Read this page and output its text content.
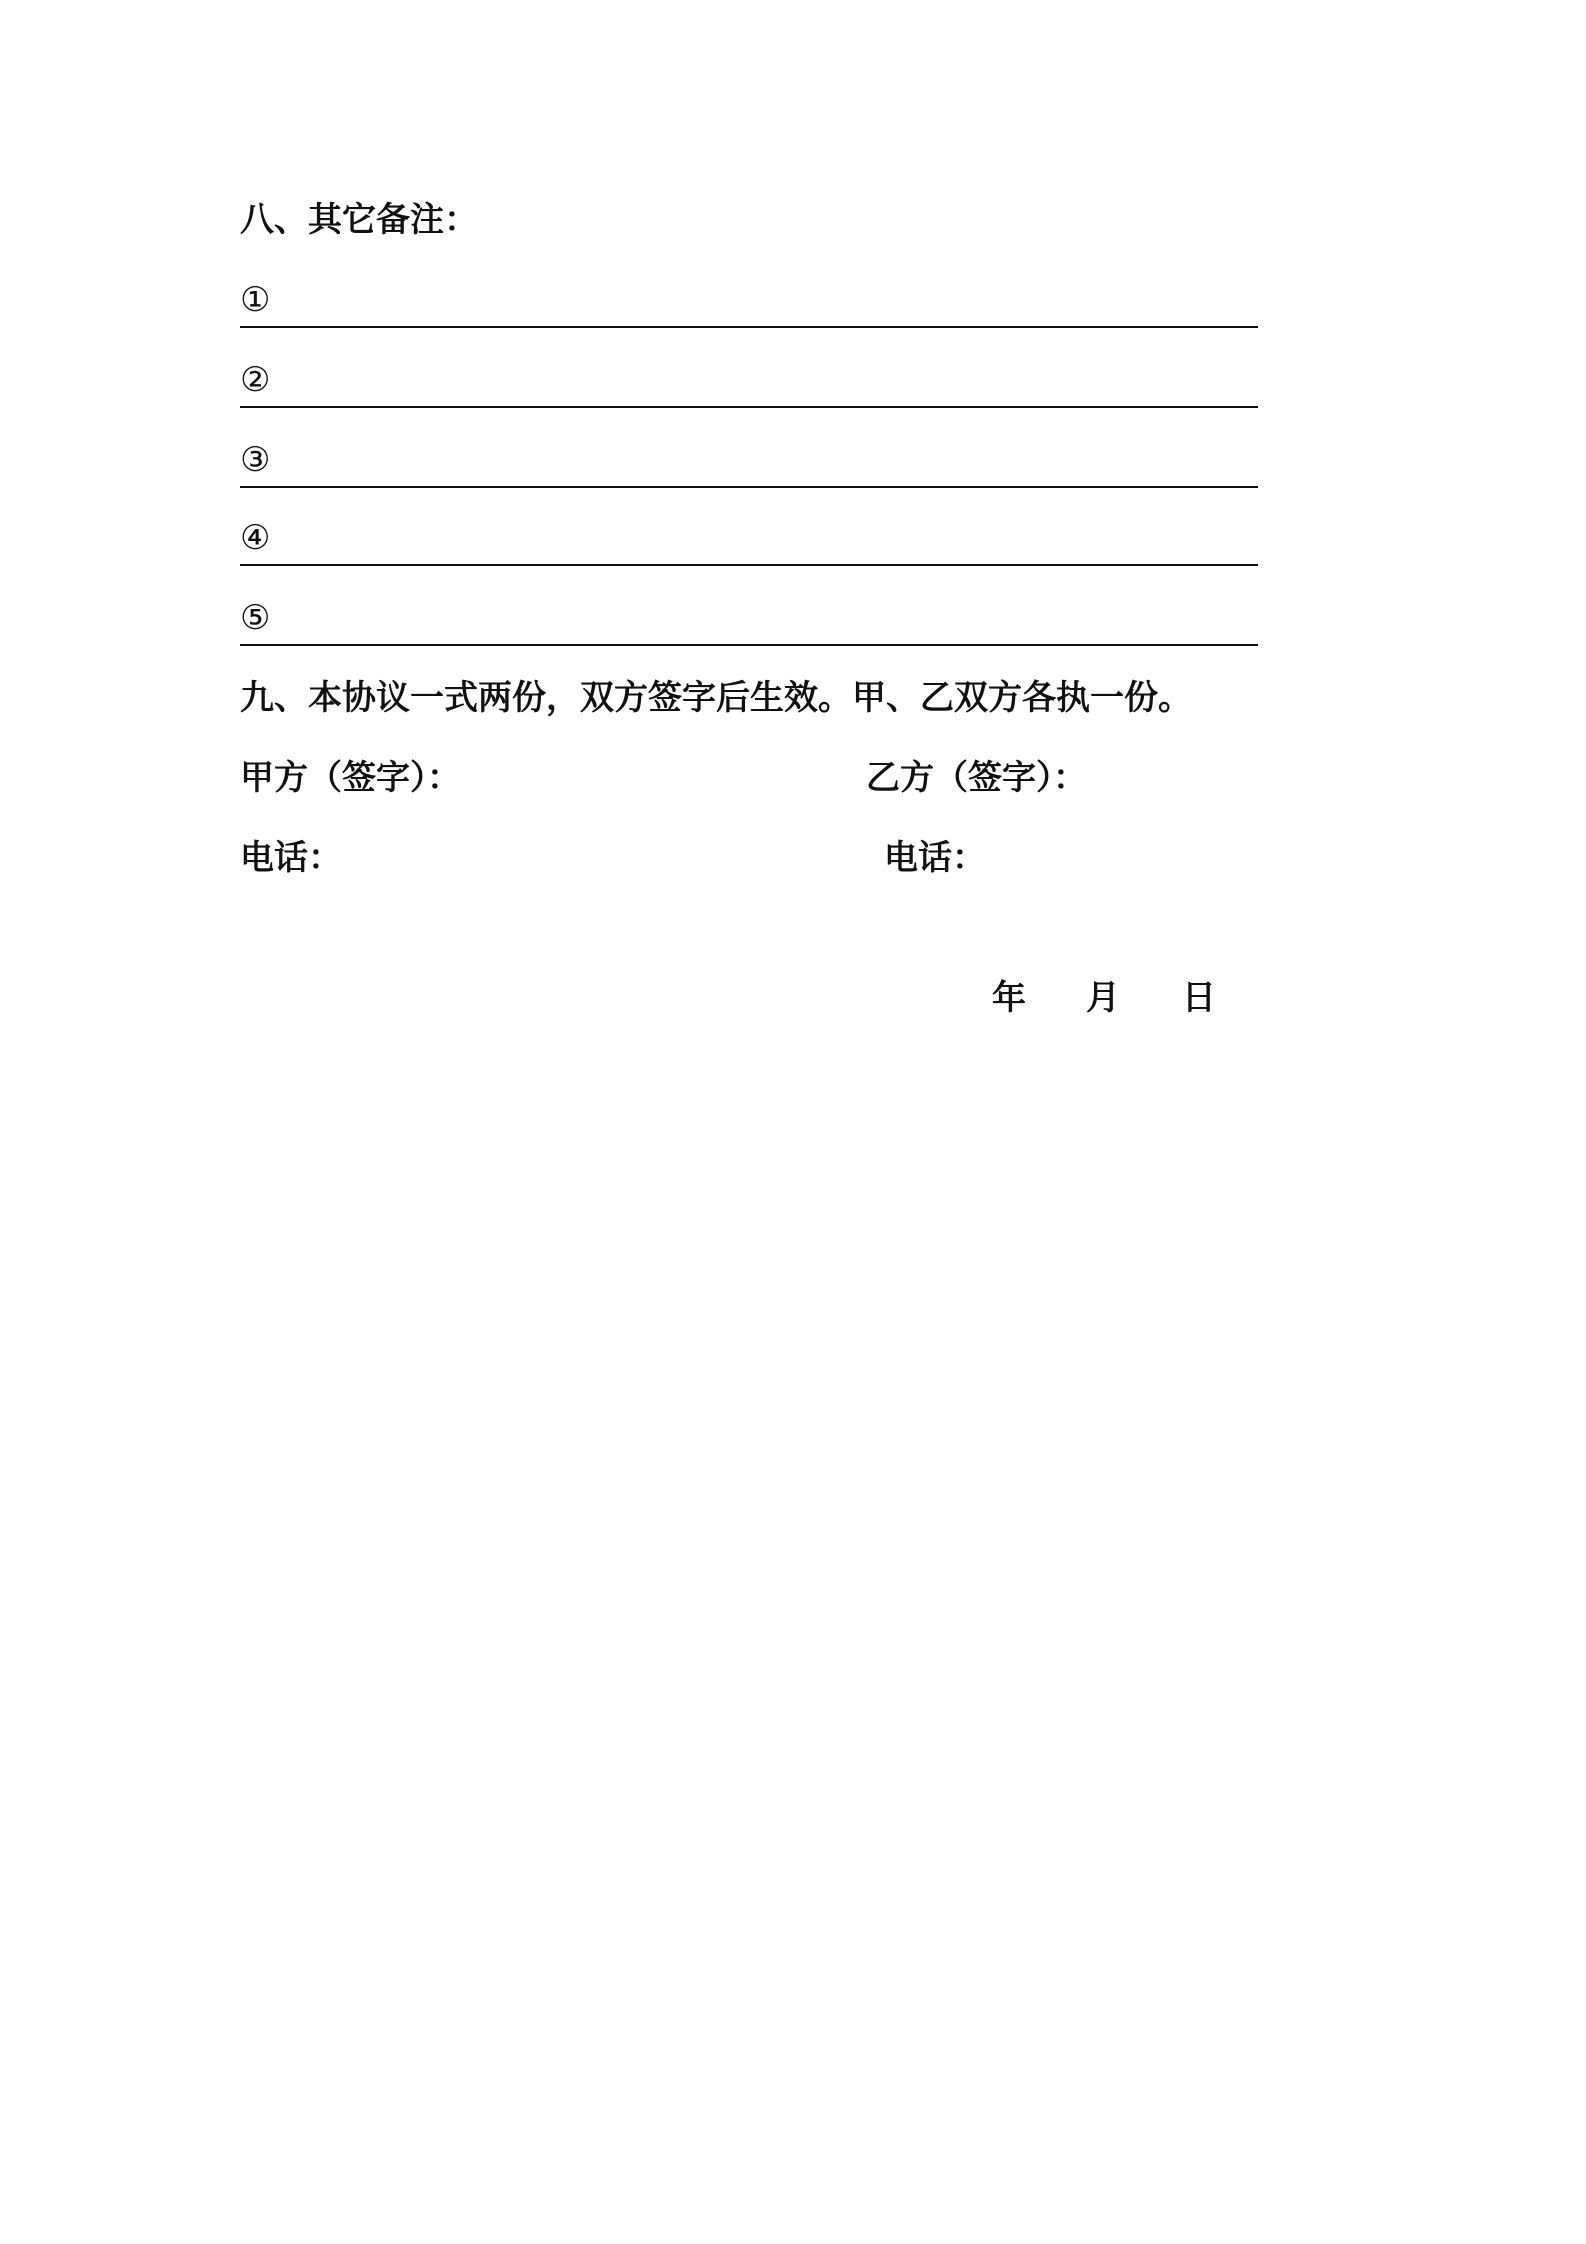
八、其它备注：
①
②
③
④
⑤
九、本协议一式两份，双方签字后生效。甲、乙双方各执一份。
甲方（签字）：	乙方（签字）：
电话：	电话：
年 月 日
